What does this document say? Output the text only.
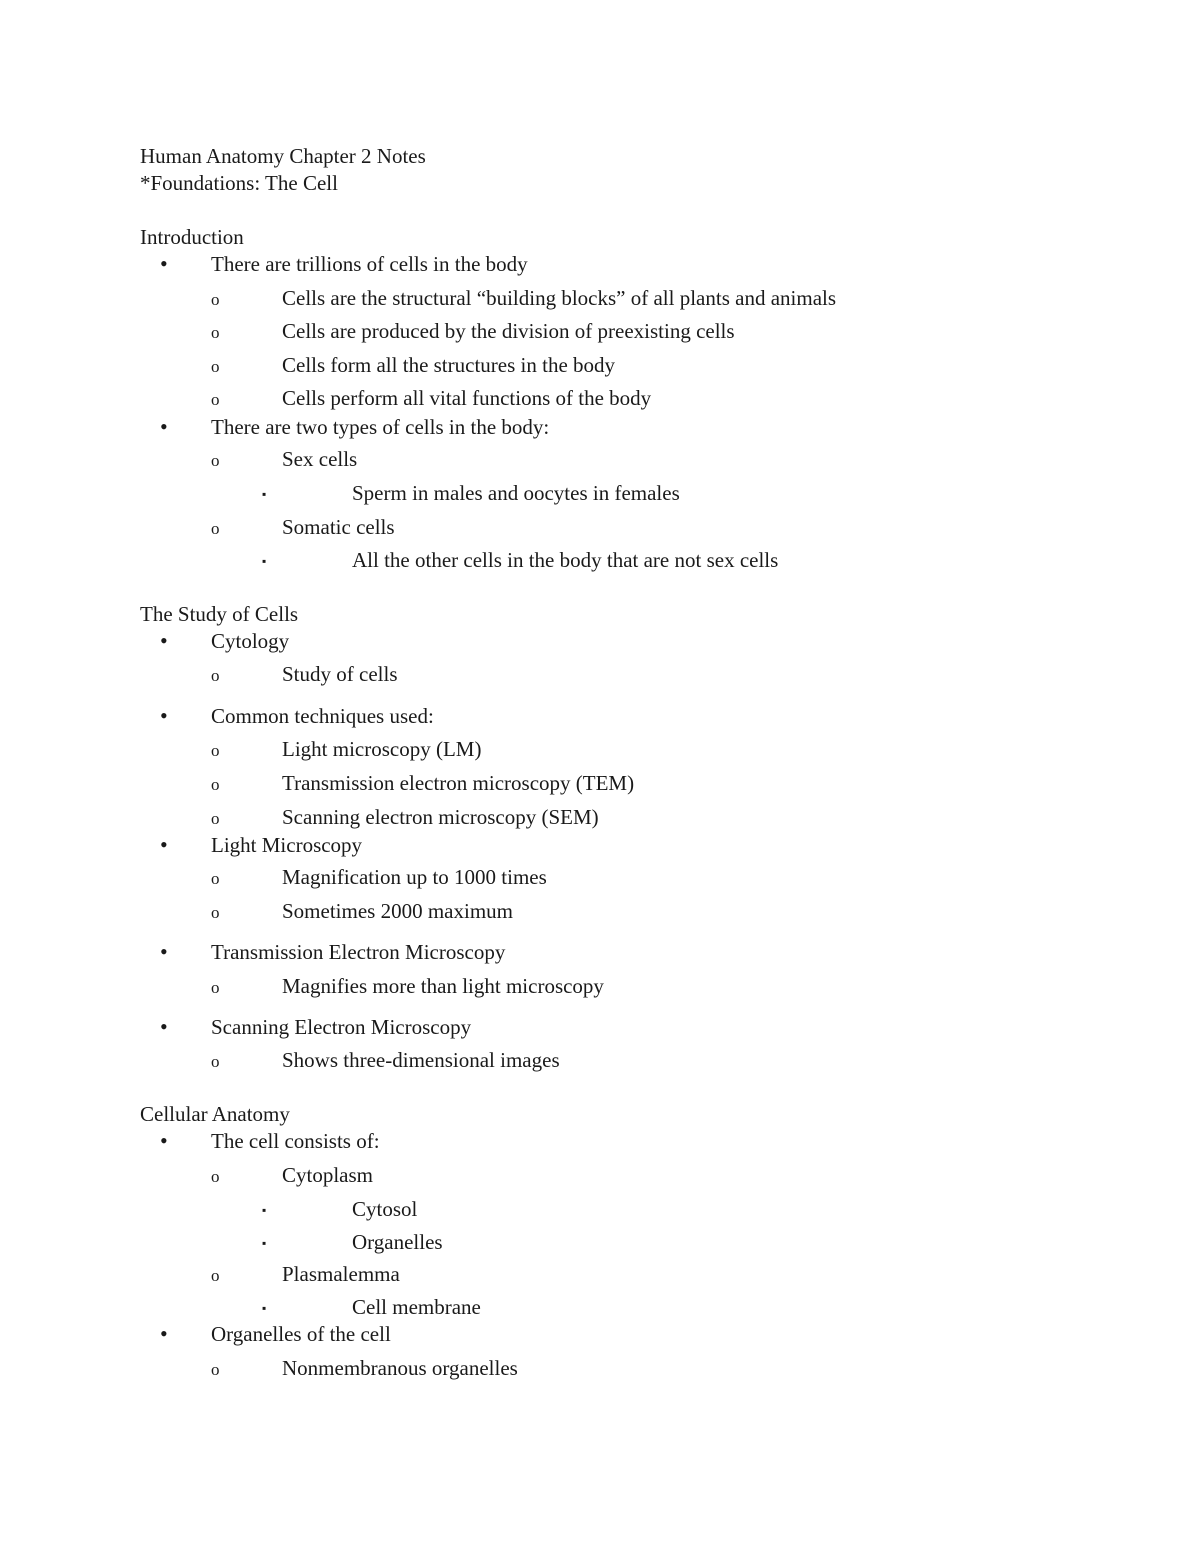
Human Anatomy Chapter 2 Notes
*Foundations: The Cell
Introduction
• There are trillions of cells in the body
o	Cells are the structural “building blocks” of all plants and animals
o	Cells are produced by the division of preexisting cells
o	Cells form all the structures in the body
o	Cells perform all vital functions of the body
• There are two types of cells in the body:
o	Sex cells
▪	Sperm in males and oocytes in females
o	Somatic cells
▪	All the other cells in the body that are not sex cells
The Study of Cells
• Cytology
o	Study of cells
• Common techniques used:
o	Light microscopy (LM)
o	Transmission electron microscopy (TEM)
o	Scanning electron microscopy (SEM)
• Light Microscopy
o	Magnification up to 1000 times
o	Sometimes 2000 maximum
• Transmission Electron Microscopy
o	Magnifies more than light microscopy
• Scanning Electron Microscopy
o	Shows three-dimensional images
Cellular Anatomy
• The cell consists of:
o	Cytoplasm
▪	Cytosol
▪	Organelles
o	Plasmalemma
▪	Cell membrane
• Organelles of the cell
o	Nonmembranous organelles
